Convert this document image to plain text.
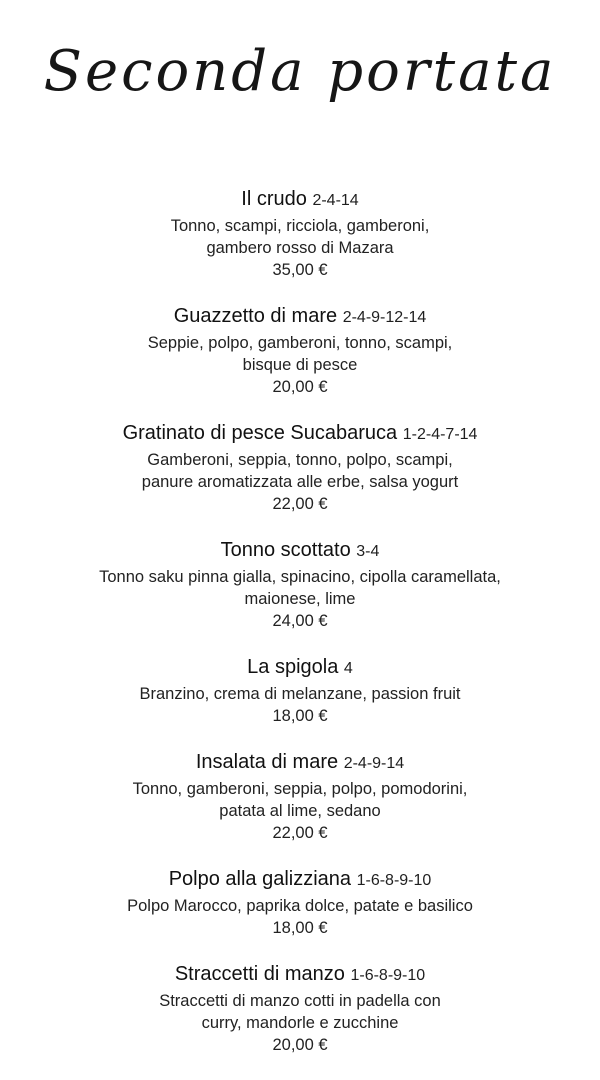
Seconda portata
Il crudo 2-4-14
Tonno, scampi, ricciola, gamberoni,
gambero rosso di Mazara
35,00 €
Guazzetto di mare 2-4-9-12-14
Seppie, polpo, gamberoni, tonno, scampi,
bisque di pesce
20,00 €
Gratinato di pesce Sucabaruca 1-2-4-7-14
Gamberoni, seppia, tonno, polpo, scampi,
panure aromatizzata alle erbe, salsa yogurt
22,00 €
Tonno scottato 3-4
Tonno saku pinna gialla, spinacino, cipolla caramellata,
maionese, lime
24,00 €
La spigola 4
Branzino, crema di melanzane, passion fruit
18,00 €
Insalata di mare 2-4-9-14
Tonno, gamberoni, seppia, polpo, pomodorini,
patata al lime, sedano
22,00 €
Polpo alla galizziana 1-6-8-9-10
Polpo Marocco, paprika dolce, patate e basilico
18,00 €
Straccetti di manzo 1-6-8-9-10
Straccetti di manzo cotti in padella con
curry, mandorle e zucchine
20,00 €
